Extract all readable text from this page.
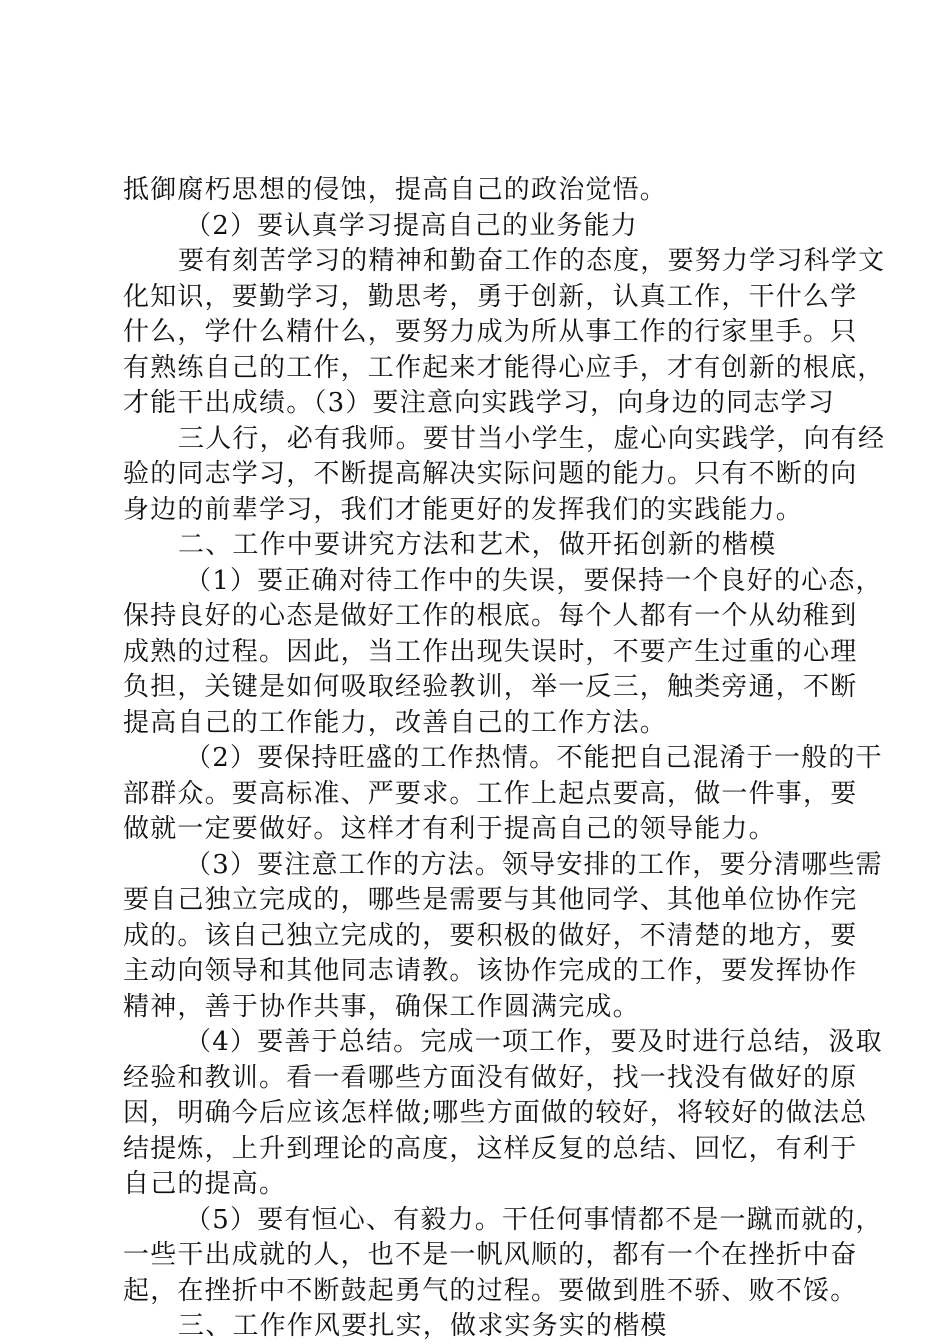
抵御腐朽思想的侵蚀，提高自己的政治觉悟。
（2）要认真学习提高自己的业务能力
要有刻苦学习的精神和勤奋工作的态度，要努力学习科学文
化知识，要勤学习，勤思考，勇于创新，认真工作，干什么学
什么，学什么精什么，要努力成为所从事工作的行家里手。只
有熟练自己的工作，工作起来才能得心应手，才有创新的根底，
才能干出成绩。（3）要注意向实践学习，向身边的同志学习
三人行，必有我师。要甘当小学生，虚心向实践学，向有经
验的同志学习，不断提高解决实际问题的能力。只有不断的向
身边的前辈学习，我们才能更好的发挥我们的实践能力。
二、工作中要讲究方法和艺术，做开拓创新的楷模
（1）要正确对待工作中的失误，要保持一个良好的心态，
保持良好的心态是做好工作的根底。每个人都有一个从幼稚到
成熟的过程。因此，当工作出现失误时，不要产生过重的心理
负担，关键是如何吸取经验教训，举一反三，触类旁通，不断
提高自己的工作能力，改善自己的工作方法。
（2）要保持旺盛的工作热情。不能把自己混淆于一般的干
部群众。要高标准、严要求。工作上起点要高，做一件事，要
做就一定要做好。这样才有利于提高自己的领导能力。
（3）要注意工作的方法。领导安排的工作，要分清哪些需
要自己独立完成的，哪些是需要与其他同学、其他单位协作完
成的。该自己独立完成的，要积极的做好，不清楚的地方，要
主动向领导和其他同志请教。该协作完成的工作，要发挥协作
精神，善于协作共事，确保工作圆满完成。
（4）要善于总结。完成一项工作，要及时进行总结，汲取
经验和教训。看一看哪些方面没有做好，找一找没有做好的原
因，明确今后应该怎样做;哪些方面做的较好，将较好的做法总
结提炼，上升到理论的高度，这样反复的总结、回忆，有利于
自己的提高。
（5）要有恒心、有毅力。干任何事情都不是一蹴而就的，
一些干出成就的人，也不是一帆风顺的，都有一个在挫折中奋
起，在挫折中不断鼓起勇气的过程。要做到胜不骄、败不馁。
三、工作作风要扎实，做求实务实的楷模
